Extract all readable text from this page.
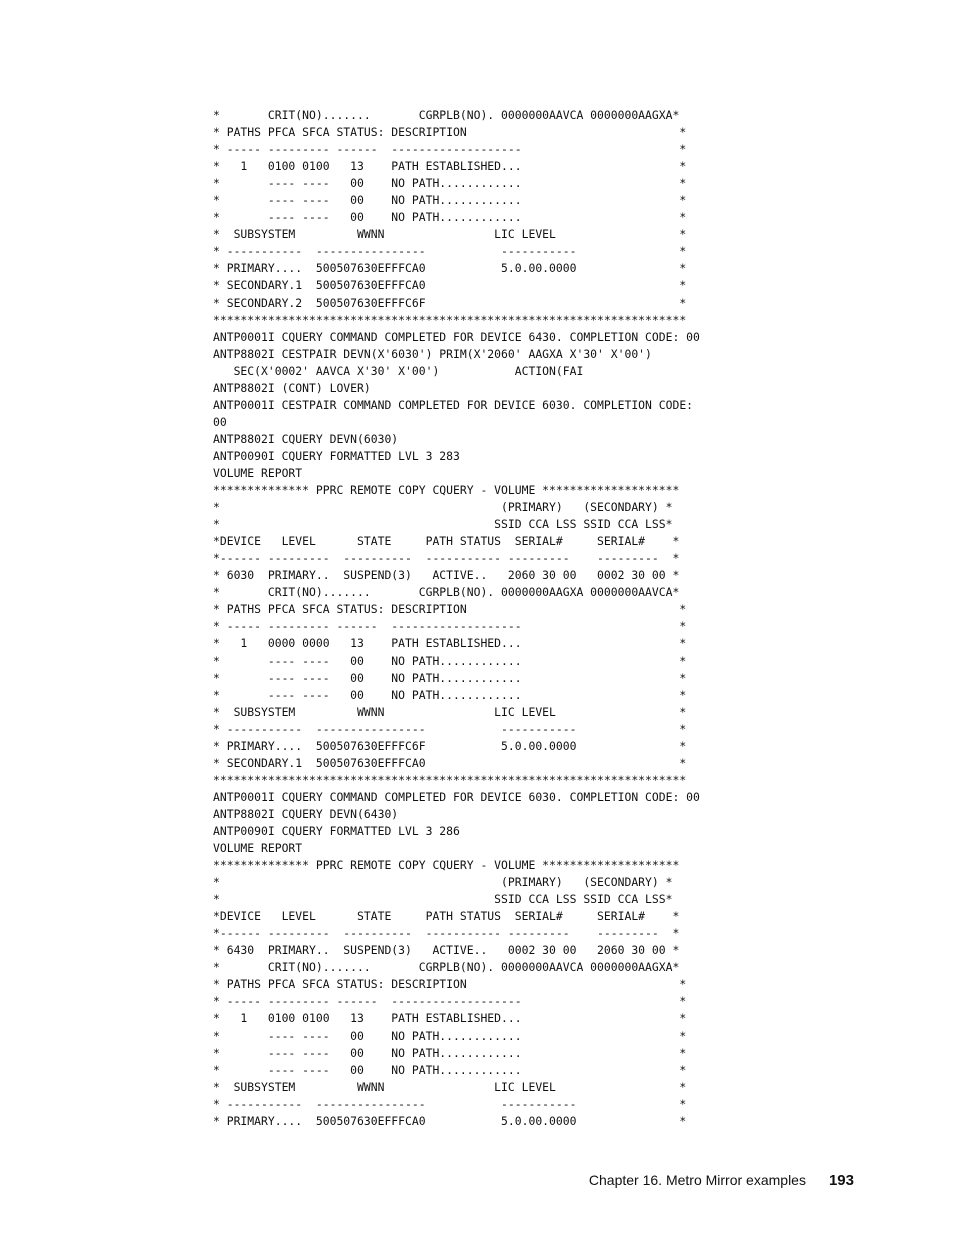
*       CRIT(NO).......       CGRPLB(NO). 0000000AAVCA 0000000AAGXA*
* PATHS PFCA SFCA STATUS: DESCRIPTION                               *
* ----- --------- ------  -------------------                       *
*   1   0100 0100   13    PATH ESTABLISHED...                       *
*       ---- ----   00    NO PATH............                       *
*       ---- ----   00    NO PATH............                       *
*       ---- ----   00    NO PATH............                       *
*  SUBSYSTEM         WWNN                LIC LEVEL                  *
* -----------  ----------------           -----------               *
* PRIMARY....  500507630EFFFCA0           5.0.00.0000               *
* SECONDARY.1  500507630EFFFCA0                                     *
* SECONDARY.2  500507630EFFFC6F                                     *
*********************************************************************
ANTP0001I CQUERY COMMAND COMPLETED FOR DEVICE 6430. COMPLETION CODE: 00
ANTP8802I CESTPAIR DEVN(X'6030') PRIM(X'2060' AAGXA X'30' X'00')
SEC(X'0002' AAVCA X'30' X'00')           ACTION(FAI
ANTP8802I (CONT) LOVER)
ANTP0001I CESTPAIR COMMAND COMPLETED FOR DEVICE 6030. COMPLETION CODE:
00
ANTP8802I CQUERY DEVN(6030)
ANTP0090I CQUERY FORMATTED LVL 3 283
VOLUME REPORT
************** PPRC REMOTE COPY CQUERY - VOLUME ********************
*                                         (PRIMARY)   (SECONDARY) *
*                                        SSID CCA LSS SSID CCA LSS*
*DEVICE   LEVEL      STATE     PATH STATUS  SERIAL#     SERIAL#    *
*------ ---------  ----------  ----------- ---------    ---------  *
* 6030  PRIMARY..  SUSPEND(3)   ACTIVE..   2060 30 00   0002 30 00 *
*       CRIT(NO).......       CGRPLB(NO). 0000000AAGXA 0000000AAVCA*
* PATHS PFCA SFCA STATUS: DESCRIPTION                               *
* ----- --------- ------  -------------------                       *
*   1   0000 0000   13    PATH ESTABLISHED...                       *
*       ---- ----   00    NO PATH............                       *
*       ---- ----   00    NO PATH............                       *
*       ---- ----   00    NO PATH............                       *
*  SUBSYSTEM         WWNN                LIC LEVEL                  *
* -----------  ----------------           -----------               *
* PRIMARY....  500507630EFFFC6F           5.0.00.0000               *
* SECONDARY.1  500507630EFFFCA0                                     *
*********************************************************************
ANTP0001I CQUERY COMMAND COMPLETED FOR DEVICE 6030. COMPLETION CODE: 00
ANTP8802I CQUERY DEVN(6430)
ANTP0090I CQUERY FORMATTED LVL 3 286
VOLUME REPORT
************** PPRC REMOTE COPY CQUERY - VOLUME ********************
*                                         (PRIMARY)   (SECONDARY) *
*                                        SSID CCA LSS SSID CCA LSS*
*DEVICE   LEVEL      STATE     PATH STATUS  SERIAL#     SERIAL#    *
*------ ---------  ----------  ----------- ---------    ---------  *
* 6430  PRIMARY..  SUSPEND(3)   ACTIVE..   0002 30 00   2060 30 00 *
*       CRIT(NO).......       CGRPLB(NO). 0000000AAVCA 0000000AAGXA*
* PATHS PFCA SFCA STATUS: DESCRIPTION                               *
* ----- --------- ------  -------------------                       *
*   1   0100 0100   13    PATH ESTABLISHED...                       *
*       ---- ----   00    NO PATH............                       *
*       ---- ----   00    NO PATH............                       *
*       ---- ----   00    NO PATH............                       *
*  SUBSYSTEM         WWNN                LIC LEVEL                  *
* -----------  ----------------           -----------               *
* PRIMARY....  500507630EFFFCA0           5.0.00.0000               *
Chapter 16. Metro Mirror examples 193
